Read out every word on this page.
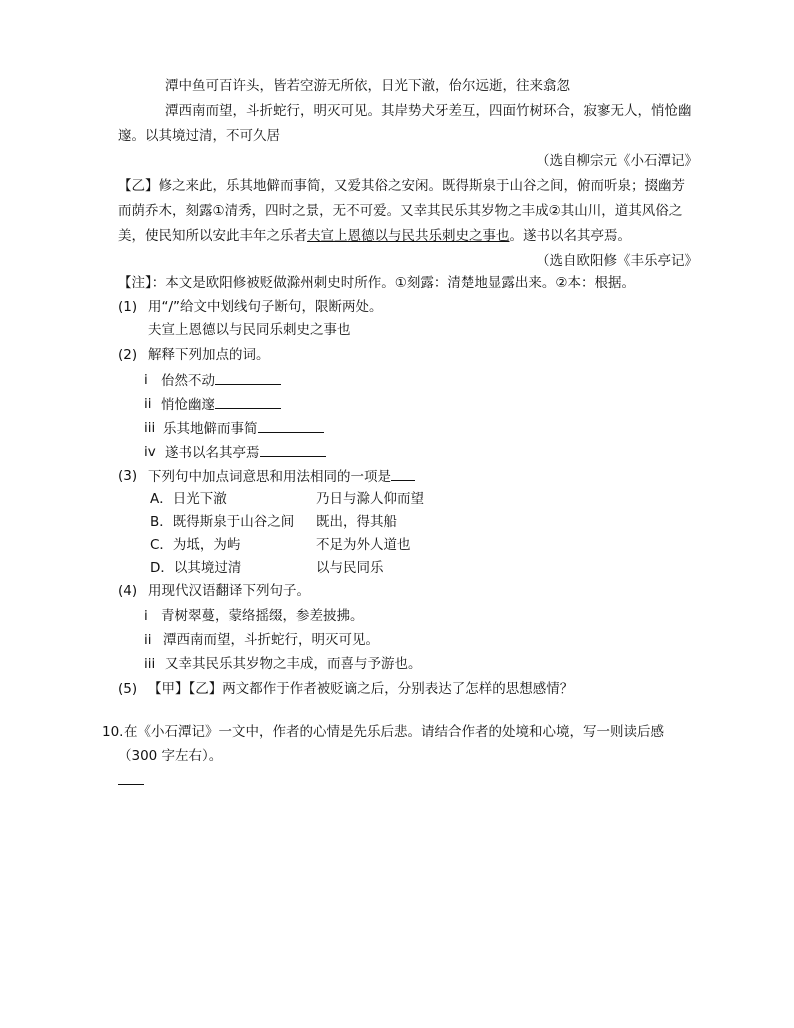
潭中鱼可百许头，皆若空游无所依，日光下澈，佁尔远逝，往来翕忽
潭西南而望，斗折蛇行，明灭可见。其岸势犬牙差互，四面竹树环合，寂寥无人，悄怆幽
邃。以其境过清，不可久居
（选自柳宗元《小石潭记》
【乙】修之来此，乐其地僻而事简，又爱其俗之安闲。既得斯泉于山谷之间，俯而听泉；掇幽芳
而荫乔木，刻露①清秀，四时之景，无不可爱。又幸其民乐其岁物之丰成②其山川，道其风俗之
美，使民知所以安此丰年之乐者夫宣上恩德以与民共乐刺史之事也。遂书以名其亭焉。
（选自欧阳修《丰乐亭记》
【注】：本文是欧阳修被贬做滁州刺史时所作。①刻露：清楚地显露出来。②本：根据。
(1) 用“/”给文中划线句子断句，限断两处。
夫宣上恩德以与民同乐刺史之事也
(2) 解释下列加点的词。
i 佁然不动
ii 悄怆幽邃
iii 乐其地僻而事简
iv 遂书以名其亭焉
(3) 下列句中加点词意思和用法相同的一项是
A．日光下澈	乃日与滁人仰而望
B．既得斯泉于山谷之间 既出，得其船
C．为坻，为屿	不足为外人道也
D．以其境过清	以与民同乐
(4) 用现代汉语翻译下列句子。
i 青树翠蔓，蒙络摇缀，参差披拂。
ii 潭西南而望，斗折蛇行，明灭可见。
iii 又幸其民乐其岁物之丰成，而喜与予游也。
(5) 【甲】【乙】两文都作于作者被贬谪之后，分别表达了怎样的思想感情？
10. 在《小石潭记》一文中，作者的心情是先乐后悲。请结合作者的处境和心境，写一则读后感
（300 字左右）。
